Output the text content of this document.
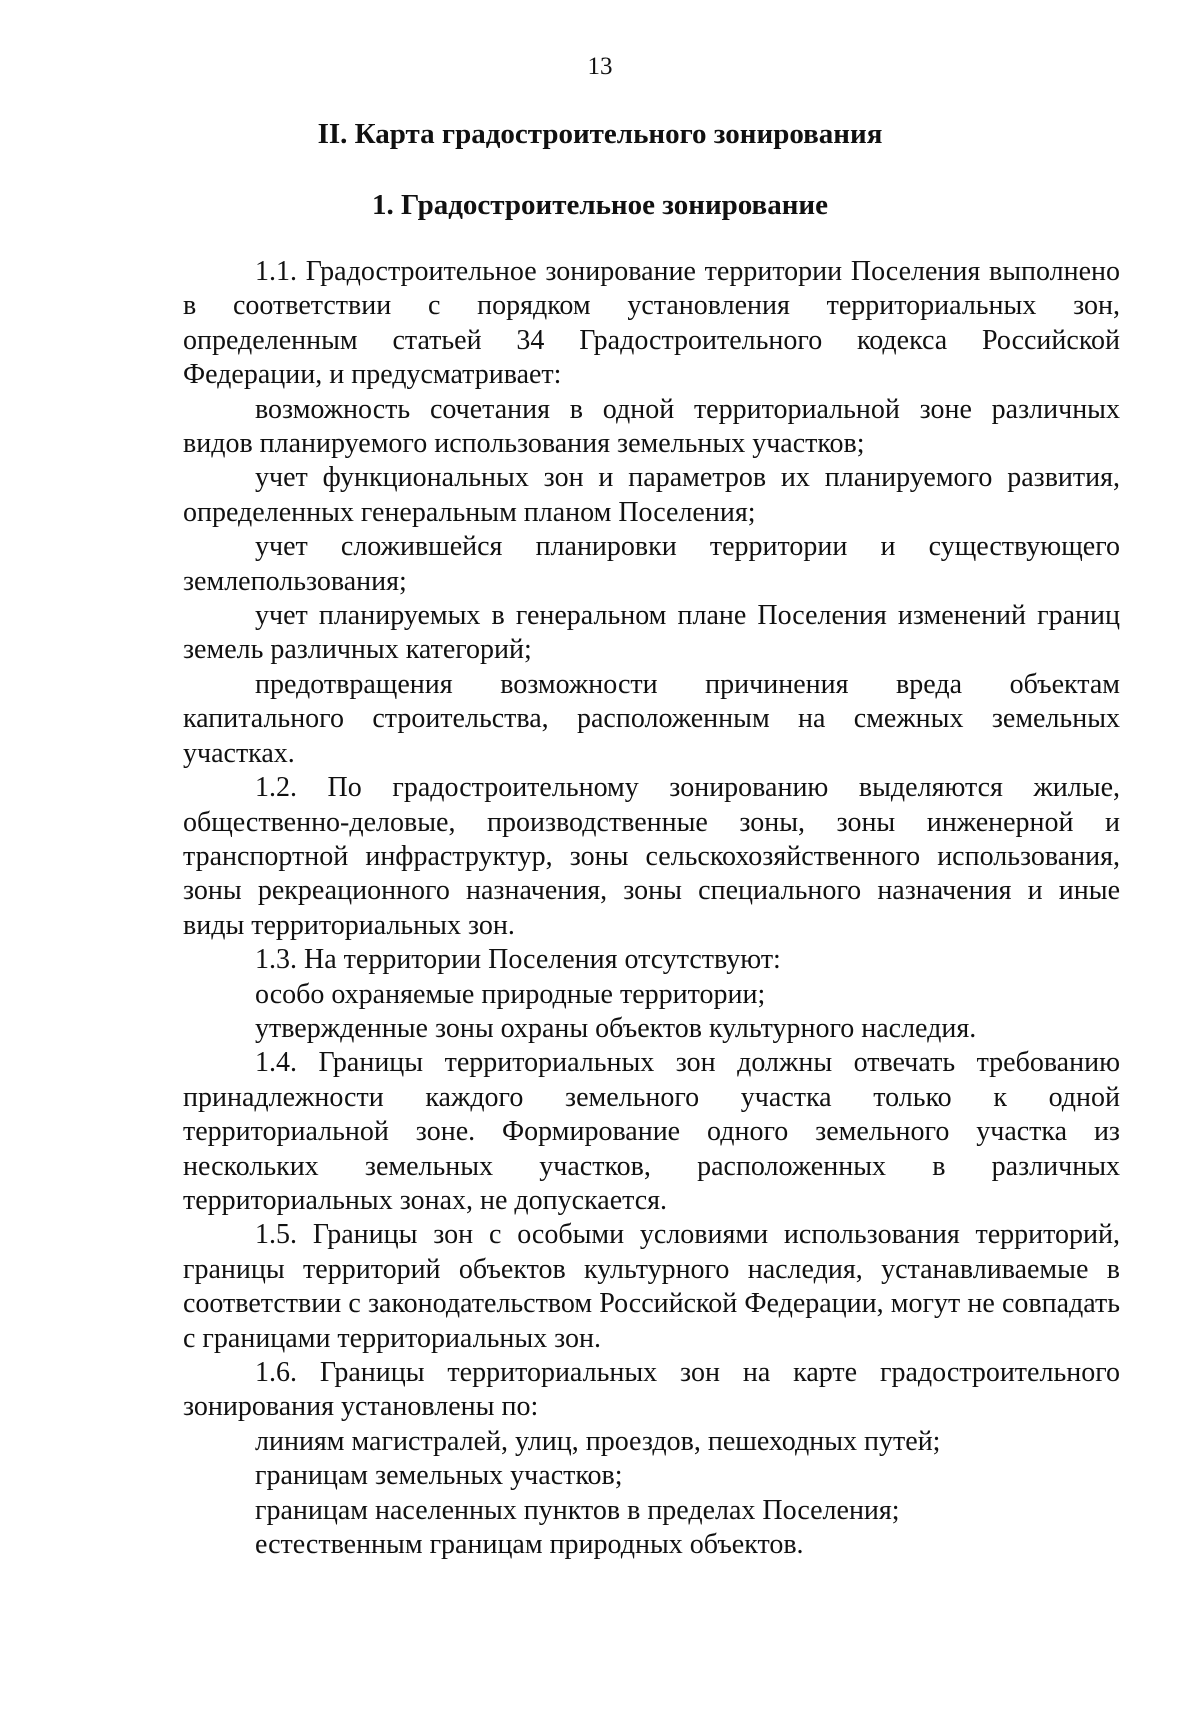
13
II. Карта градостроительного зонирования
1. Градостроительное зонирование

1.1. Градостроительное зонирование территории Поселения выполнено в соответствии с порядком установления территориальных зон, определенным статьей 34 Градостроительного кодекса Российской Федерации, и предусматривает:

возможность сочетания в одной территориальной зоне различных видов планируемого использования земельных участков;

учет функциональных зон и параметров их планируемого развития, определенных генеральным планом Поселения;

учет сложившейся планировки территории и существующего землепользования;

учет планируемых в генеральном плане Поселения изменений границ земель различных категорий;

предотвращения возможности причинения вреда объектам капитального строительства, расположенным на смежных земельных участках.

1.2. По градостроительному зонированию выделяются жилые, общественно-деловые, производственные зоны, зоны инженерной и транспортной инфраструктур, зоны сельскохозяйственного использования, зоны рекреационного назначения, зоны специального назначения и иные виды территориальных зон.

1.3. На территории Поселения отсутствуют:

особо охраняемые природные территории;

утвержденные зоны охраны объектов культурного наследия.

1.4. Границы территориальных зон должны отвечать требованию принадлежности каждого земельного участка только к одной территориальной зоне. Формирование одного земельного участка из нескольких земельных участков, расположенных в различных территориальных зонах, не допускается.

1.5. Границы зон с особыми условиями использования территорий, границы территорий объектов культурного наследия, устанавливаемые в соответствии с законодательством Российской Федерации, могут не совпадать с границами территориальных зон.

1.6. Границы территориальных зон на карте градостроительного зонирования установлены по:

линиям магистралей, улиц, проездов, пешеходных путей;

границам земельных участков;

границам населенных пунктов в пределах Поселения;

естественным границам природных объектов.
